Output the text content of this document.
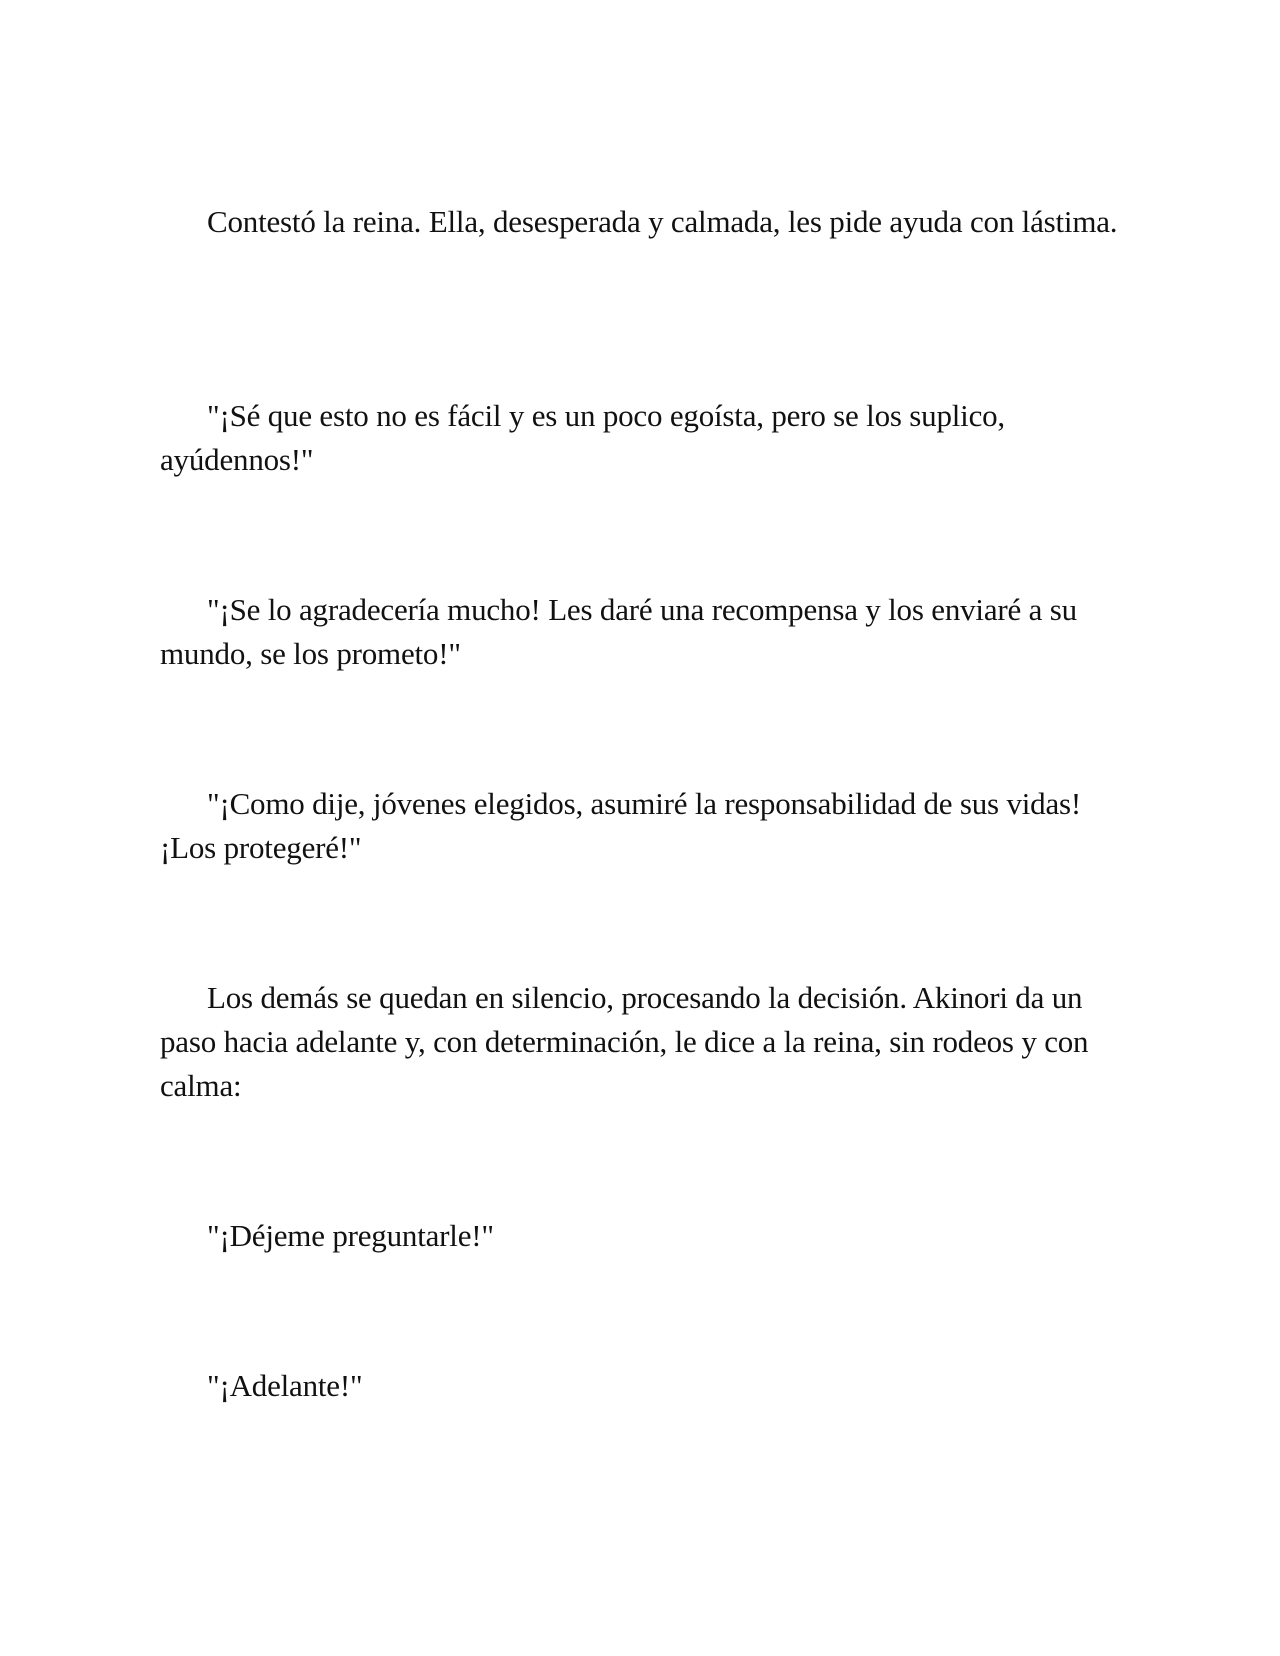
Contestó la reina. Ella, desesperada y calmada, les pide ayuda con lástima.

"¡Sé que esto no es fácil y es un poco egoísta, pero se los suplico, ayúdennos!"

"¡Se lo agradecería mucho! Les daré una recompensa y los enviaré a su mundo, se los prometo!"

"¡Como dije, jóvenes elegidos, asumiré la responsabilidad de sus vidas! ¡Los protegeré!"

Los demás se quedan en silencio, procesando la decisión. Akinori da un paso hacia adelante y, con determinación, le dice a la reina, sin rodeos y con calma:

"¡Déjeme preguntarle!"

"¡Adelante!"
